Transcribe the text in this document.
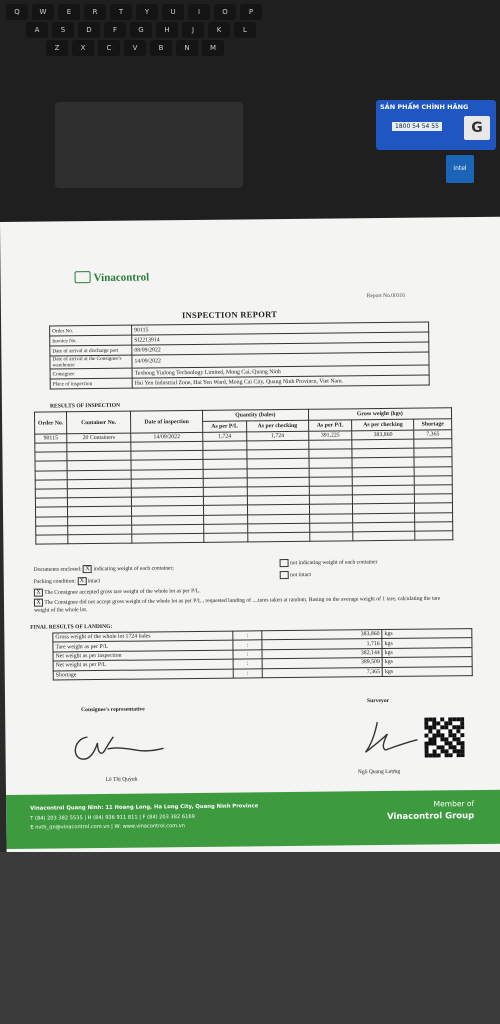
Q	W	E	R	T	Y	U	I	O	P
A	S	D	F	G	H	J	K	L
Z	X	C	V	B	N	M
SẢN PHẨM CHÍNH HÃNG
1800 54 54 55	G
intel
Vinacontrol
Report No.00316
INSPECTION REPORT
Order No.	90115
Invoice No.	SI2213914
Date of arrival at discharge port	08/09/2022
Date of arrival at the Consignee's warehouse	14/09/2022
Consignee	Texhong Yinlong Technology Limited, Mong Cai, Quang Ninh
Place of inspection	Hai Yen Industrial Zone, Hai Yen Ward, Mong Cai City, Quang Ninh Province, Viet Nam.
RESULTS OF INSPECTION
Order No.	Container No.	Date of inspection	Quantity (bales)		Gross weight (kgs)		
			As per P/L	As per checking	As per P/L	As per checking	Shortage
90115	20 Containers	14/09/2022	1,724	1,724	391,225	383,860	7,365

Documents enclosed: X indicating weight of each container;
not indicating weight of each container
Packing condition: X intact
not intact
X The Consignee accepted gross tare weight of the whole lot as per P/L.
X The Consignee did not accept gross weight of the whole lot as per P/L , requested landing of ....tares taken at random. Basing on the average weight of 1 tare, calculating the tare weight of the whole lot.
FINAL RESULTS OF LANDING:
Gross weight of the whole lot 1724 bales	:	383,860	kgs
Tare weight as per P/L	:	1,716	kgs
Net weight as per inspection	:	382,144	kgs
Net weight as per P/L	:	389,509	kgs
Shortage	:	7,365	kgs
Consignee's representative
Surveyor
Lê Thị Quỳnh
Ngô Quang Lượng
Vinacontrol Quang Ninh: 11 Hoang Long, Ha Long City, Quang Ninh Province
T (84) 203 382 5535 | H (84) 936 911 811 | F (84) 203 382 6169
E nvth_qn@vinacontrol.com.vn | W: www.vinacontrol.com.vn
Member of
Vinacontrol Group
